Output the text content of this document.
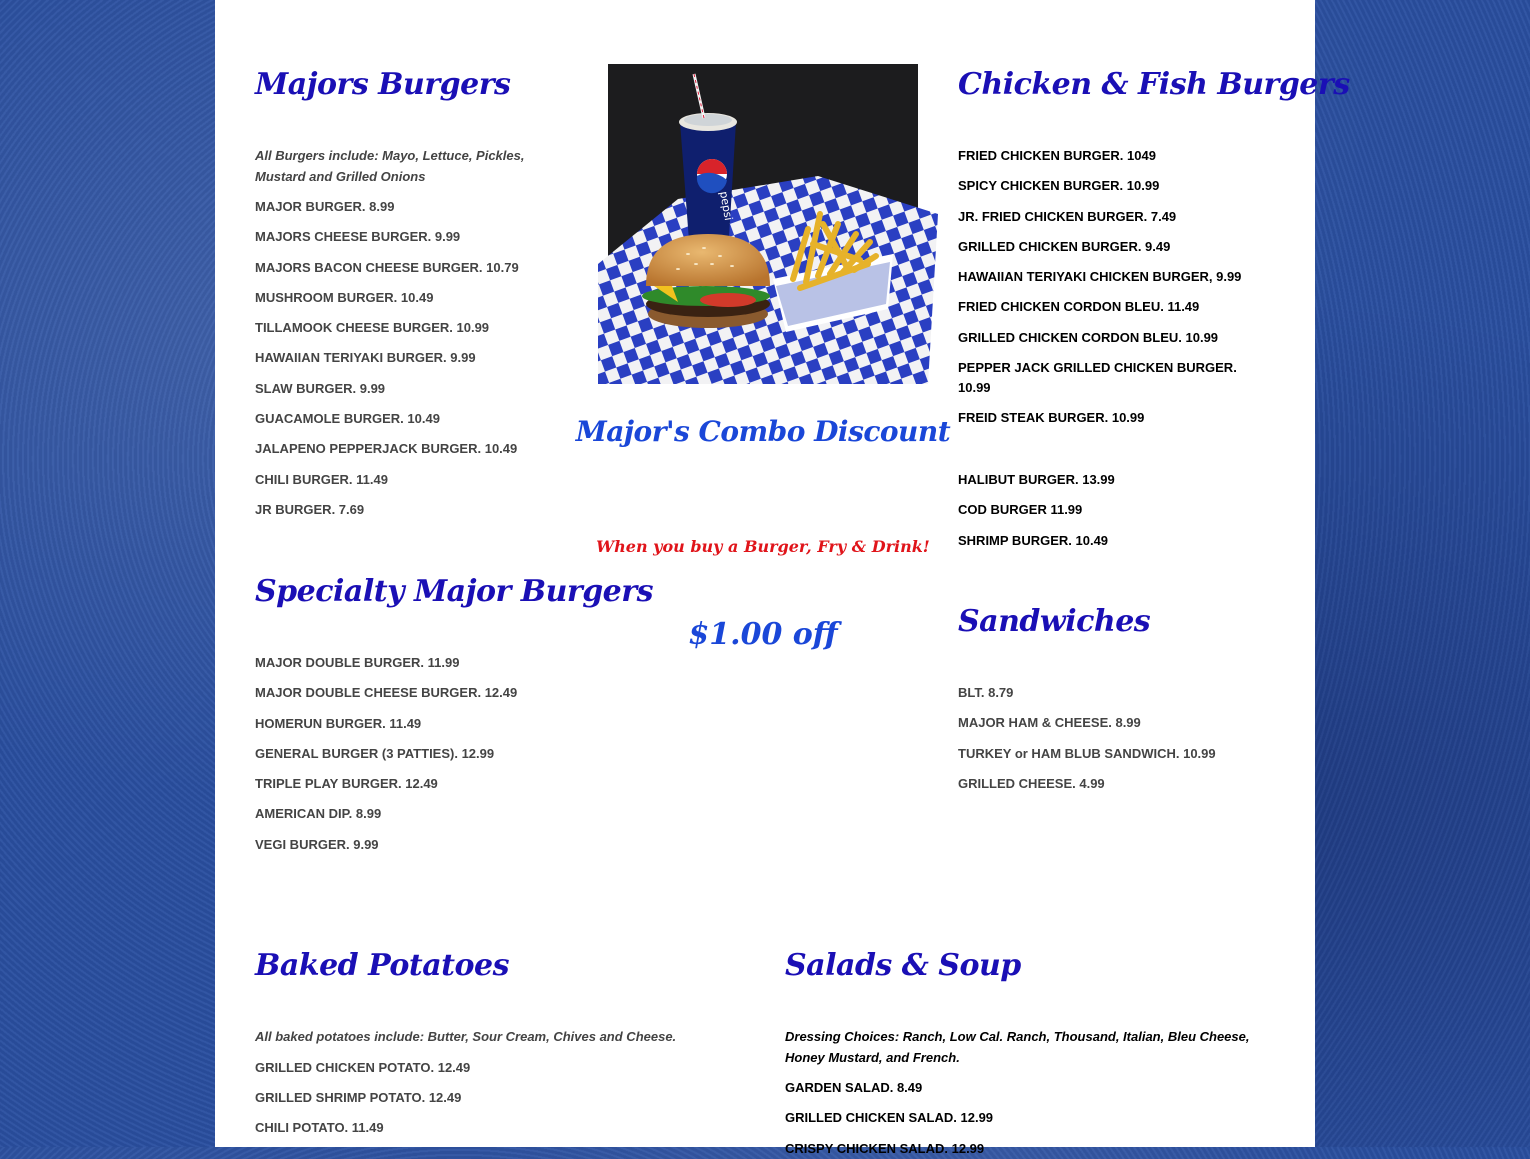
Majors Burgers
All Burgers include: Mayo, Lettuce, Pickles, Mustard and Grilled Onions
MAJOR BURGER. 8.99
MAJORS CHEESE BURGER. 9.99
MAJORS BACON CHEESE BURGER. 10.79
MUSHROOM BURGER. 10.49
TILLAMOOK CHEESE BURGER. 10.99
HAWAIIAN TERIYAKI BURGER. 9.99
SLAW BURGER. 9.99
GUACAMOLE BURGER. 10.49
JALAPENO PEPPERJACK BURGER. 10.49
CHILI BURGER. 11.49
JR BURGER. 7.69
Specialty Major Burgers
MAJOR DOUBLE BURGER. 11.99
MAJOR DOUBLE CHEESE BURGER. 12.49
HOMERUN BURGER. 11.49
GENERAL BURGER (3 PATTIES). 12.99
TRIPLE PLAY BURGER. 12.49
AMERICAN DIP. 8.99
VEGI BURGER. 9.99
pepsi
Major's Combo Discount
When you buy a Burger, Fry & Drink!
$1.00 off
Chicken & Fish Burgers
FRIED CHICKEN BURGER. 1049
SPICY CHICKEN BURGER. 10.99
JR. FRIED CHICKEN BURGER. 7.49
GRILLED CHICKEN BURGER. 9.49
HAWAIIAN TERIYAKI CHICKEN BURGER, 9.99
FRIED CHICKEN CORDON BLEU. 11.49
GRILLED CHICKEN CORDON BLEU. 10.99
PEPPER JACK GRILLED CHICKEN BURGER. 10.99
FREID STEAK BURGER. 10.99
HALIBUT BURGER. 13.99
COD BURGER 11.99
SHRIMP BURGER. 10.49
Sandwiches
BLT. 8.79
MAJOR HAM & CHEESE. 8.99
TURKEY or HAM BLUB SANDWICH. 10.99
GRILLED CHEESE. 4.99
Baked Potatoes
All baked potatoes include: Butter, Sour Cream, Chives and Cheese.
GRILLED CHICKEN POTATO. 12.49
GRILLED SHRIMP POTATO. 12.49
CHILI POTATO. 11.49
Salads & Soup
Dressing Choices: Ranch, Low Cal. Ranch, Thousand, Italian, Bleu Cheese, Honey Mustard, and French.
GARDEN SALAD. 8.49
GRILLED CHICKEN SALAD. 12.99
CRISPY CHICKEN SALAD. 12.99
